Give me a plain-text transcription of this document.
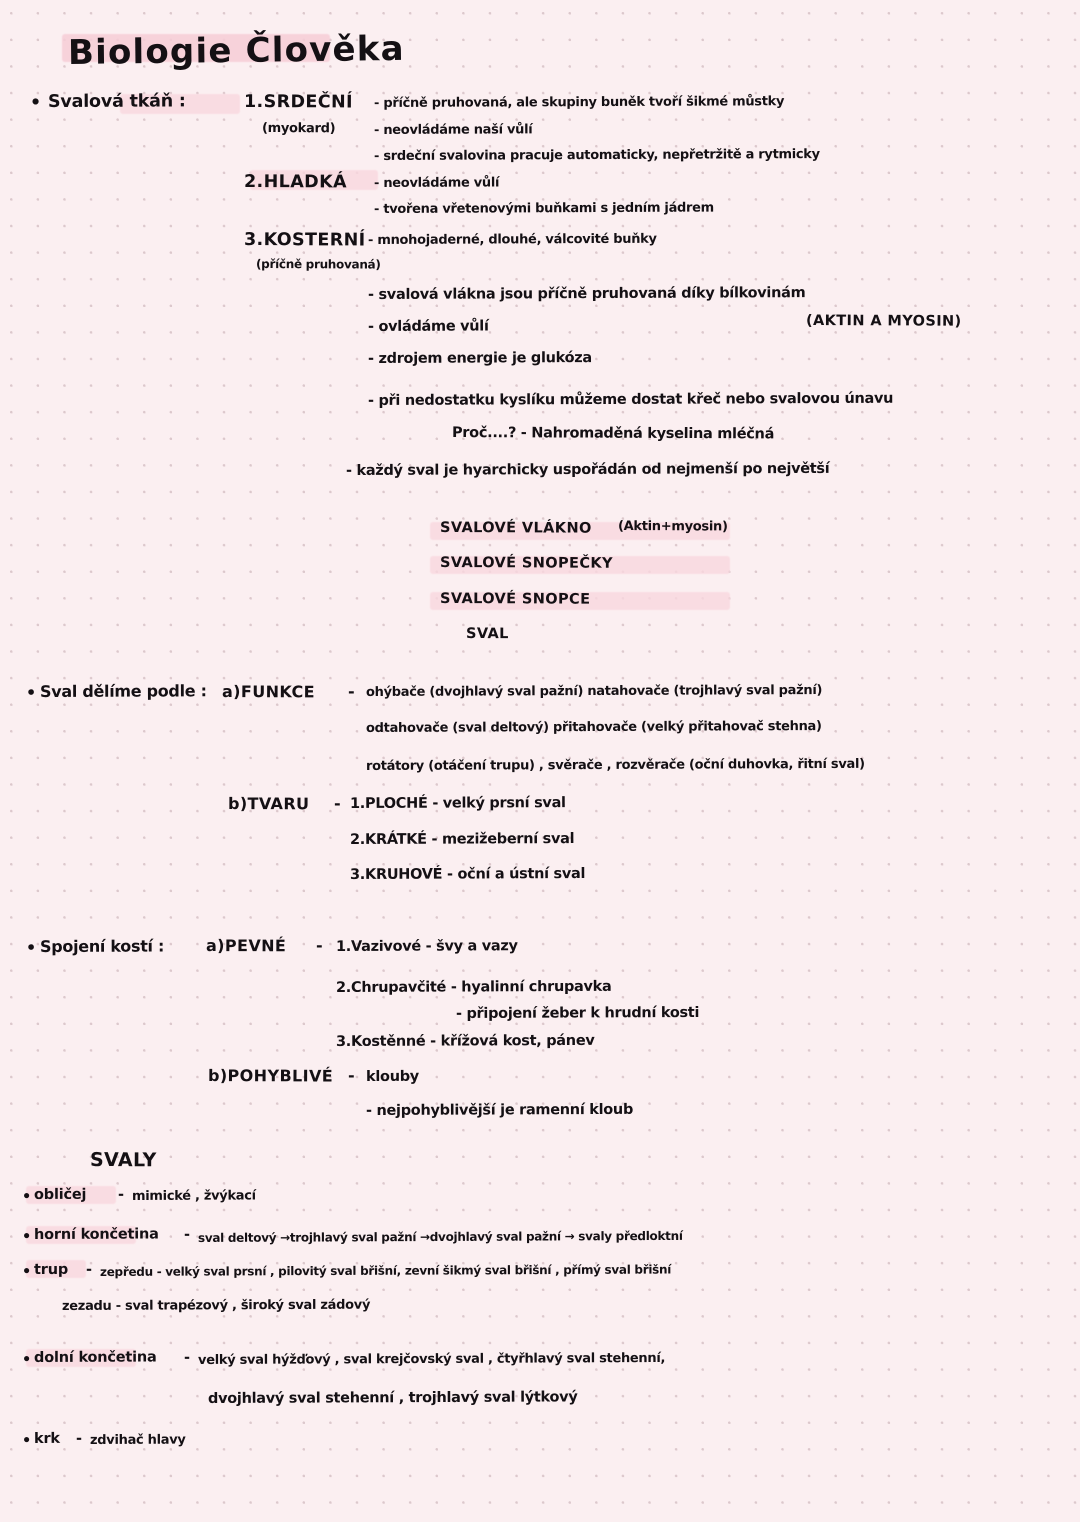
Biologie Člověka
• Svalová tkáň :	1.SRDEČNÍ
(myokard)
- příčně pruhovaná, ale skupiny buněk tvoří šikmé můstky
- neovládáme naší vůlí
- srdeční svalovina pracuje automaticky, nepřetržitě a rytmicky
2.HLADKÁ - neovládáme vůlí
- tvořena vřetenovými buňkami s jedním jádrem
3.KOSTERNÍ
(příčně pruhovaná)
- mnohojaderné, dlouhé, válcovité buňky
- svalová vlákna jsou příčně pruhovaná díky bílkovinám
(AKTIN A MYOSIN)
- ovládáme vůlí
- zdrojem energie je glukóza
- při nedostatku kyslíku můžeme dostat křeč nebo svalovou únavu
Proč....? - Nahromaděná kyselina mléčná
- každý sval je hyarchicky uspořádán od nejmenší po největší
SVALOVÉ VLÁKNO (Aktin+myosin)
SVALOVÉ SNOPEČKY
SVALOVÉ SNOPCE
SVAL
• Sval dělíme podle : a)FUNKCE - ohýbače (dvojhlavý sval pažní) natahovače (trojhlavý sval pažní)
odtahovače (sval deltový) přitahovače (velký přitahovač stehna)
rotátory (otáčení trupu) , svěrače , rozvěrače (oční duhovka, řitní sval)
b)TVARU - 1.PLOCHÉ - velký prsní sval
2.KRÁTKÉ - mezižeberní sval
3.KRUHOVÉ - oční a ústní sval
• Spojení kostí :	a)PEVNÉ - 1.Vazivové - švy a vazy
2.Chrupavčité - hyalinní chrupavka
- připojení žeber k hrudní kosti
3.Kostěnné - křížová kost, pánev
b)POHYBLIVÉ - klouby
- nejpohyblivější je ramenní kloub
SVALY
• obličej - mimické , žvýkací
• horní končetina - sval deltový →trojhlavý sval pažní →dvojhlavý sval pažní → svaly předloktní
• trup - zepředu - velký sval prsní , pilovitý sval břišní, zevní šikmý sval břišní , přímý sval břišní
zezadu - sval trapézový , široký sval zádový
• dolní končetina - velký sval hýžďový , sval krejčovský sval , čtyřhlavý sval stehenní,
dvojhlavý sval stehenní , trojhlavý sval lýtkový
• krk - zdvihač hlavy
